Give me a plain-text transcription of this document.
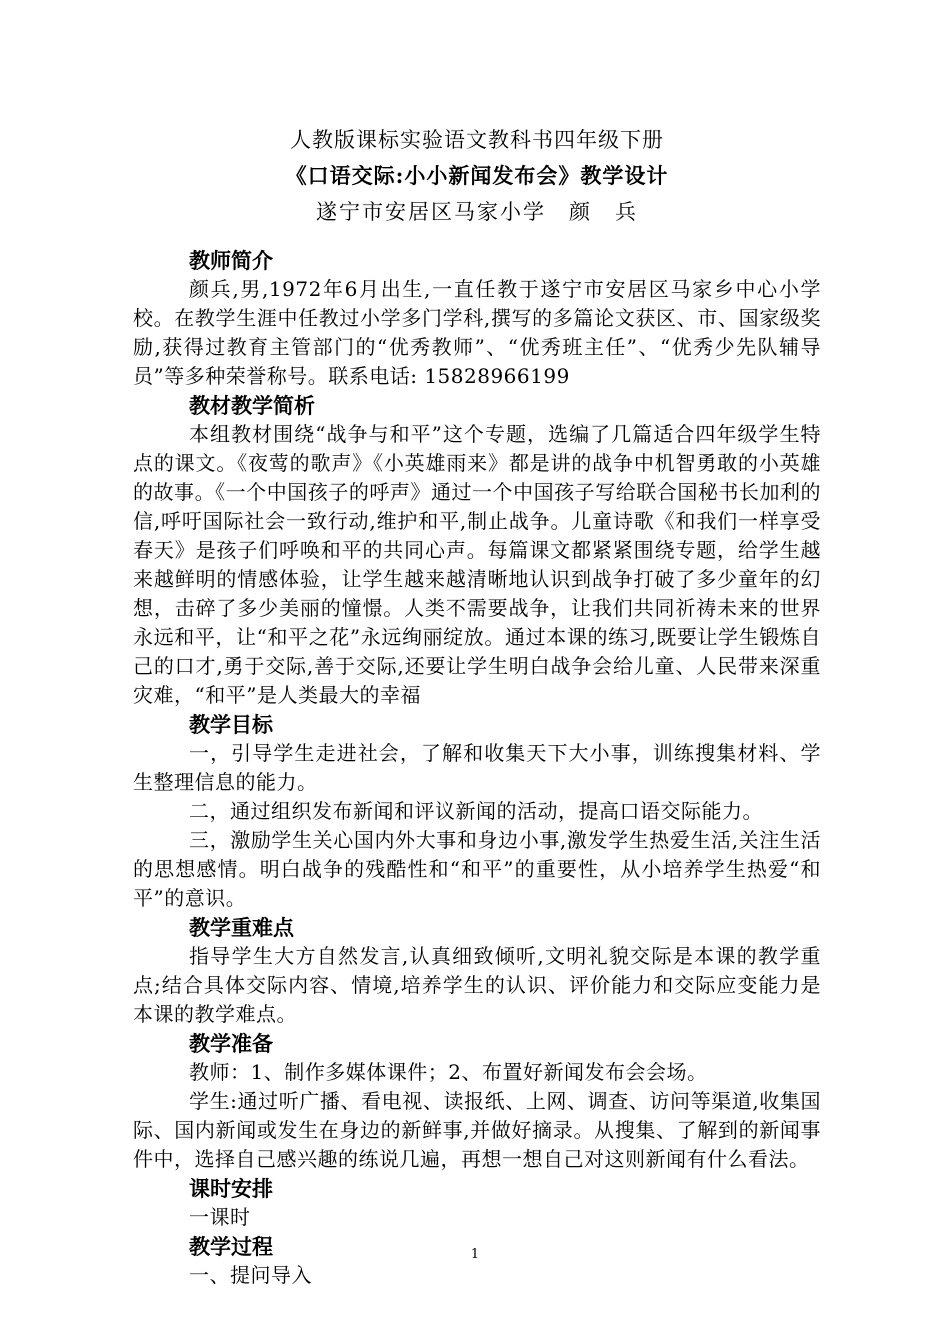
人教版课标实验语文教科书四年级下册

《口语交际:小小新闻发布会》教学设计

遂宁市安居区马家小学　颜　兵

教师简介

颜兵,男,1972年6月出生,一直任教于遂宁市安居区马家乡中心小学校。在教学生涯中任教过小学多门学科,撰写的多篇论文获区、市、国家级奖励,获得过教育主管部门的“优秀教师”、“优秀班主任”、“优秀少先队辅导员”等多种荣誉称号。联系电话: 15828966199

教材教学简析

本组教材围绕“战争与和平”这个专题，选编了几篇适合四年级学生特点的课文。《夜莺的歌声》《小英雄雨来》都是讲的战争中机智勇敢的小英雄的故事。《一个中国孩子的呼声》通过一个中国孩子写给联合国秘书长加利的信,呼吁国际社会一致行动,维护和平,制止战争。儿童诗歌《和我们一样享受春天》是孩子们呼唤和平的共同心声。每篇课文都紧紧围绕专题，给学生越来越鲜明的情感体验，让学生越来越清晰地认识到战争打破了多少童年的幻想，击碎了多少美丽的憧憬。人类不需要战争，让我们共同祈祷未来的世界永远和平，让“和平之花”永远绚丽绽放。通过本课的练习,既要让学生锻炼自己的口才,勇于交际,善于交际,还要让学生明白战争会给儿童、人民带来深重灾难，“和平”是人类最大的幸福

教学目标

一，引导学生走进社会，了解和收集天下大小事，训练搜集材料、学生整理信息的能力。

二，通过组织发布新闻和评议新闻的活动，提高口语交际能力。

三，激励学生关心国内外大事和身边小事,激发学生热爱生活,关注生活的思想感情。明白战争的残酷性和“和平”的重要性，从小培养学生热爱“和平”的意识。

教学重难点

指导学生大方自然发言,认真细致倾听,文明礼貌交际是本课的教学重点;结合具体交际内容、情境,培养学生的认识、评价能力和交际应变能力是本课的教学难点。

教学准备

教师：1、制作多媒体课件；2、布置好新闻发布会会场。

学生:通过听广播、看电视、读报纸、上网、调查、访问等渠道,收集国际、国内新闻或发生在身边的新鲜事,并做好摘录。从搜集、了解到的新闻事件中，选择自己感兴趣的练说几遍，再想一想自己对这则新闻有什么看法。

课时安排

一课时

教学过程

一、提问导入

1
